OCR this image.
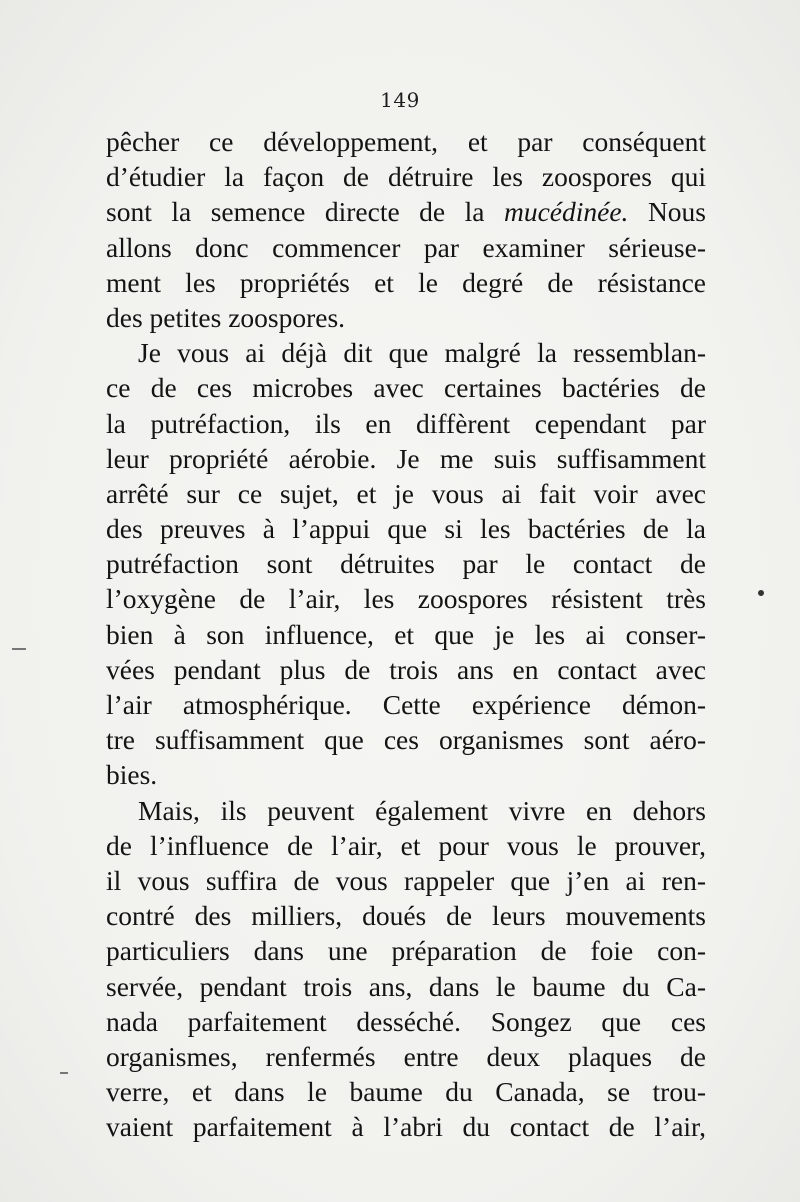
149
pêcher ce développement, et par conséquent
d’étudier la façon de détruire les zoospores qui
sont la semence directe de la mucédinée. Nous
allons donc commencer par examiner sérieuse-
ment les propriétés et le degré de résistance
des petites zoospores.
Je vous ai déjà dit que malgré la ressemblan-
ce de ces microbes avec certaines bactéries de
la putréfaction, ils en diffèrent cependant par
leur propriété aérobie. Je me suis suffisamment
arrêté sur ce sujet, et je vous ai fait voir avec
des preuves à l’appui que si les bactéries de la
putréfaction sont détruites par le contact de
l’oxygène de l’air, les zoospores résistent très
bien à son influence, et que je les ai conser-
vées pendant plus de trois ans en contact avec
l’air atmosphérique. Cette expérience démon-
tre suffisamment que ces organismes sont aéro-
bies.
Mais, ils peuvent également vivre en dehors
de l’influence de l’air, et pour vous le prouver,
il vous suffira de vous rappeler que j’en ai ren-
contré des milliers, doués de leurs mouvements
particuliers dans une préparation de foie con-
servée, pendant trois ans, dans le baume du Ca-
nada parfaitement desséché. Songez que ces
organismes, renfermés entre deux plaques de
verre, et dans le baume du Canada, se trou-
vaient parfaitement à l’abri du contact de l’air,
